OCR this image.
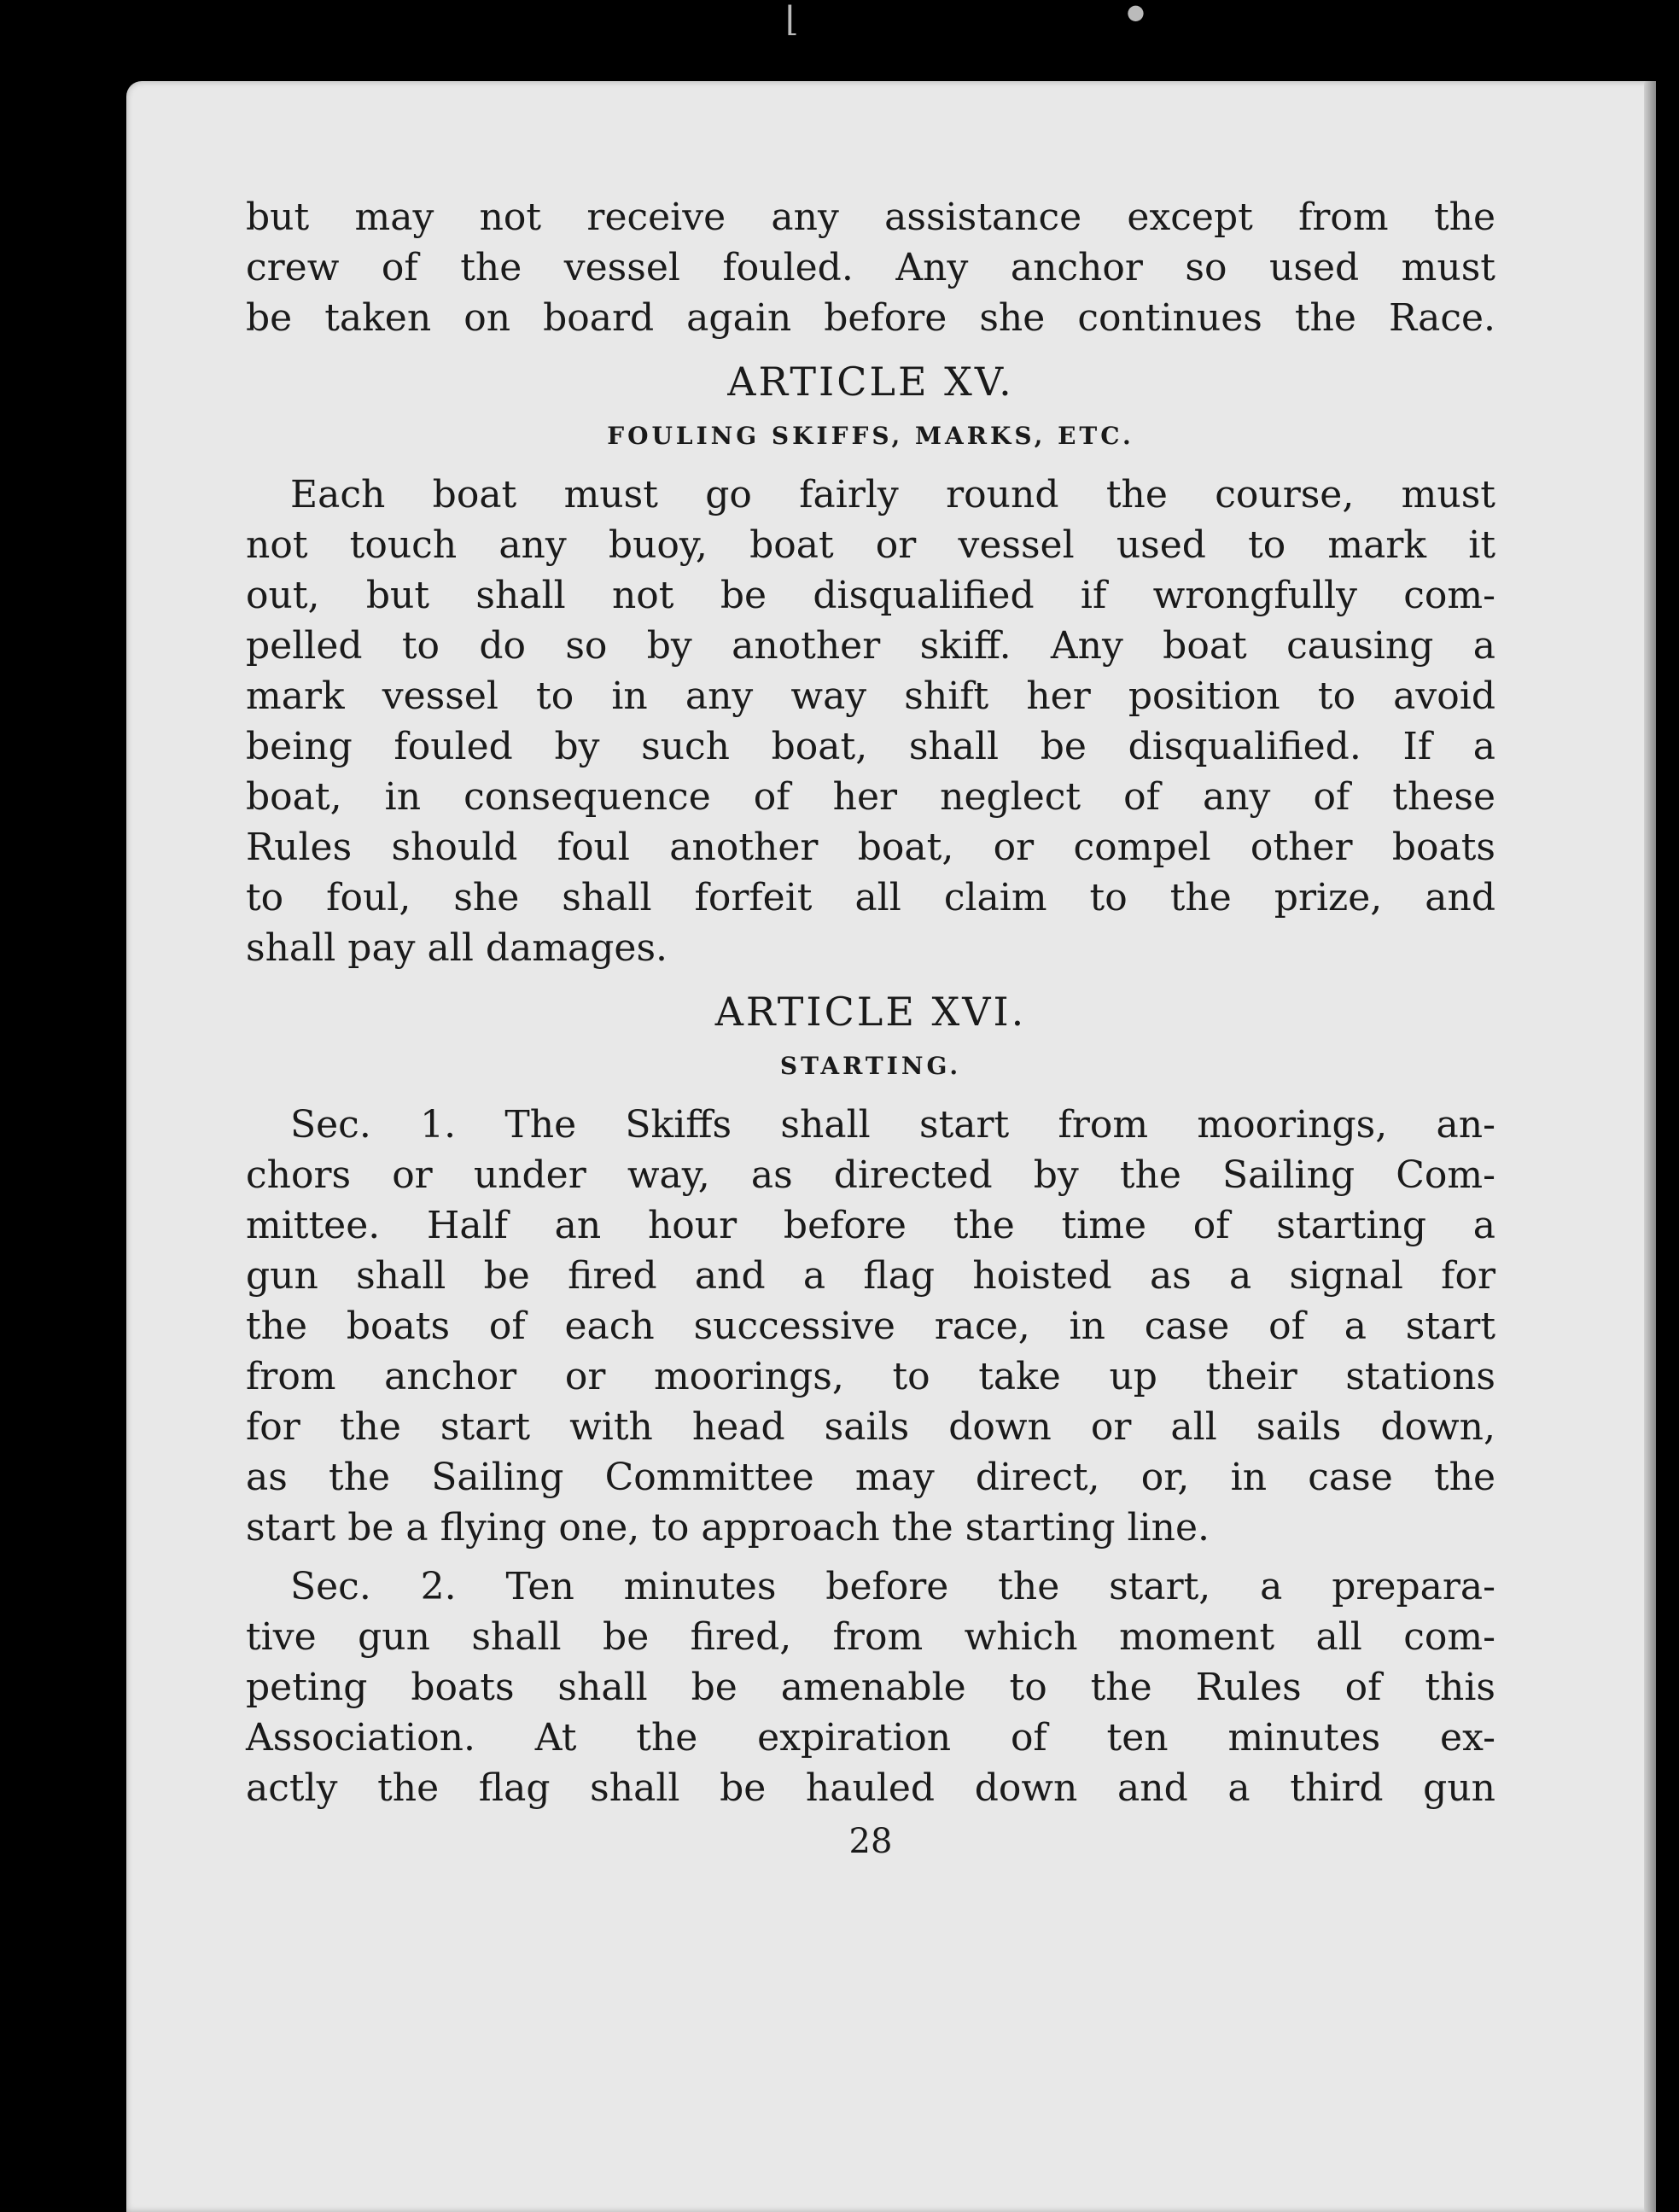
⌊	●
but may not receive any assistance except from the
crew of the vessel fouled. Any anchor so used must
be taken on board again before she continues the Race.
ARTICLE XV.
FOULING SKIFFS, MARKS, ETC.
Each boat must go fairly round the course, must
not touch any buoy, boat or vessel used to mark it
out, but shall not be disqualified if wrongfully com-
pelled to do so by another skiff. Any boat causing a
mark vessel to in any way shift her position to avoid
being fouled by such boat, shall be disqualified. If a
boat, in consequence of her neglect of any of these
Rules should foul another boat, or compel other boats
to foul, she shall forfeit all claim to the prize, and
shall pay all damages.
ARTICLE XVI.
STARTING.
Sec. 1. The Skiffs shall start from moorings, an-
chors or under way, as directed by the Sailing Com-
mittee. Half an hour before the time of starting a
gun shall be fired and a flag hoisted as a signal for
the boats of each successive race, in case of a start
from anchor or moorings, to take up their stations
for the start with head sails down or all sails down,
as the Sailing Committee may direct, or, in case the
start be a flying one, to approach the starting line.
Sec. 2. Ten minutes before the start, a prepara-
tive gun shall be fired, from which moment all com-
peting boats shall be amenable to the Rules of this
Association. At the expiration of ten minutes ex-
actly the flag shall be hauled down and a third gun
28
